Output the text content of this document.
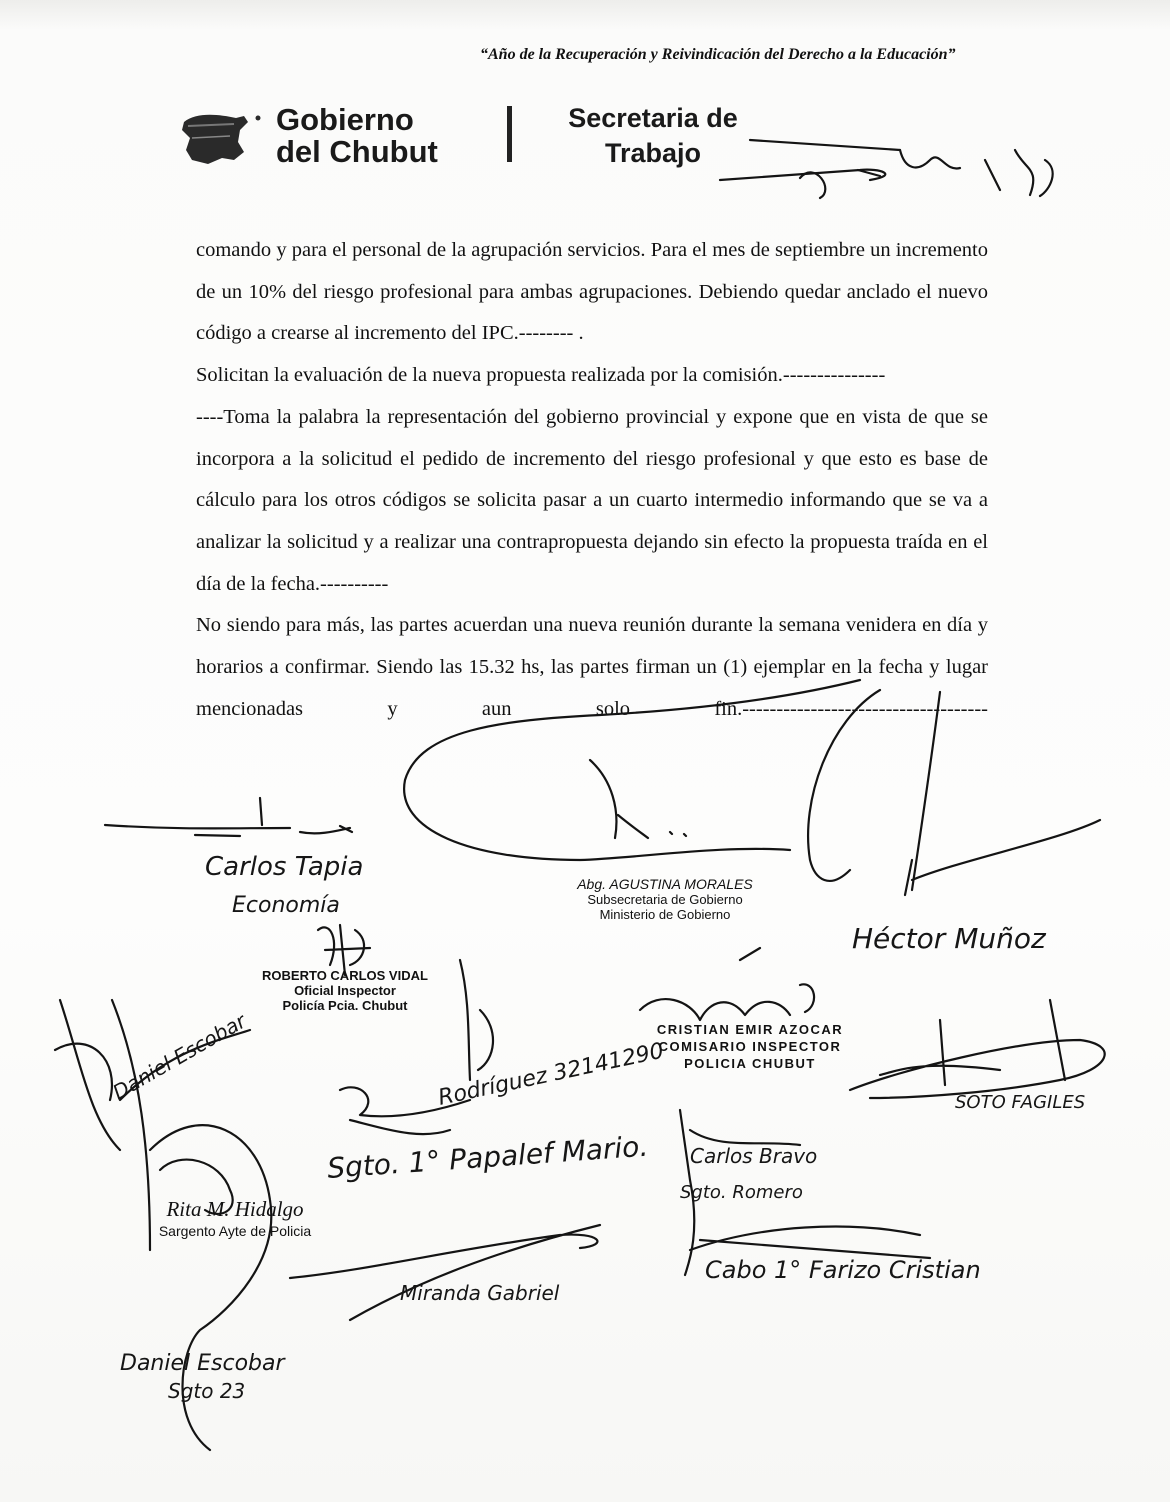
“Año de la Recuperación y Reivindicación del Derecho a la Educación”
Gobierno
del Chubut
Secretaria de
Trabajo

comando y para el personal de la agrupación servicios. Para el mes de septiembre un incremento de un 10% del riesgo profesional para ambas agrupaciones. Debiendo quedar anclado el nuevo código a crearse al incremento del IPC.-------- .

Solicitan la evaluación de la nueva propuesta realizada por la comisión.---------------

----Toma la palabra la representación del gobierno provincial y expone que en vista de que se incorpora a la solicitud el pedido de incremento del riesgo profesional y que esto es base de cálculo para los otros códigos se solicita pasar a un cuarto intermedio informando que se va a analizar la solicitud y a realizar una contrapropuesta dejando sin efecto la propuesta traída en el día de la fecha.----------

No siendo para más, las partes acuerdan una nueva reunión durante la semana venidera en día y horarios a confirmar. Siendo las 15.32 hs, las partes firman un (1) ejemplar en la fecha y lugar mencionadas y aun solo fin.------------------------------------

Carlos Tapia
Economía
Héctor Muñoz
Daniel Escobar	Rodríguez 32141290	SOTO FAGILES
Sgto. 1° Papalef Mario. Carlos Bravo
Sgto. Romero
Cabo 1° Farizo Cristian
Miranda Gabriel
Daniel Escobar
Sgto 23
Abg. AGUSTINA MORALES
Subsecretaria de Gobierno
Ministerio de Gobierno
ROBERTO CARLOS VIDAL
Oficial Inspector
Policía Pcia. Chubut
CRISTIAN EMIR AZOCAR
COMISARIO INSPECTOR
POLICIA CHUBUT
Rita M. Hidalgo
Sargento Ayte de Policia
